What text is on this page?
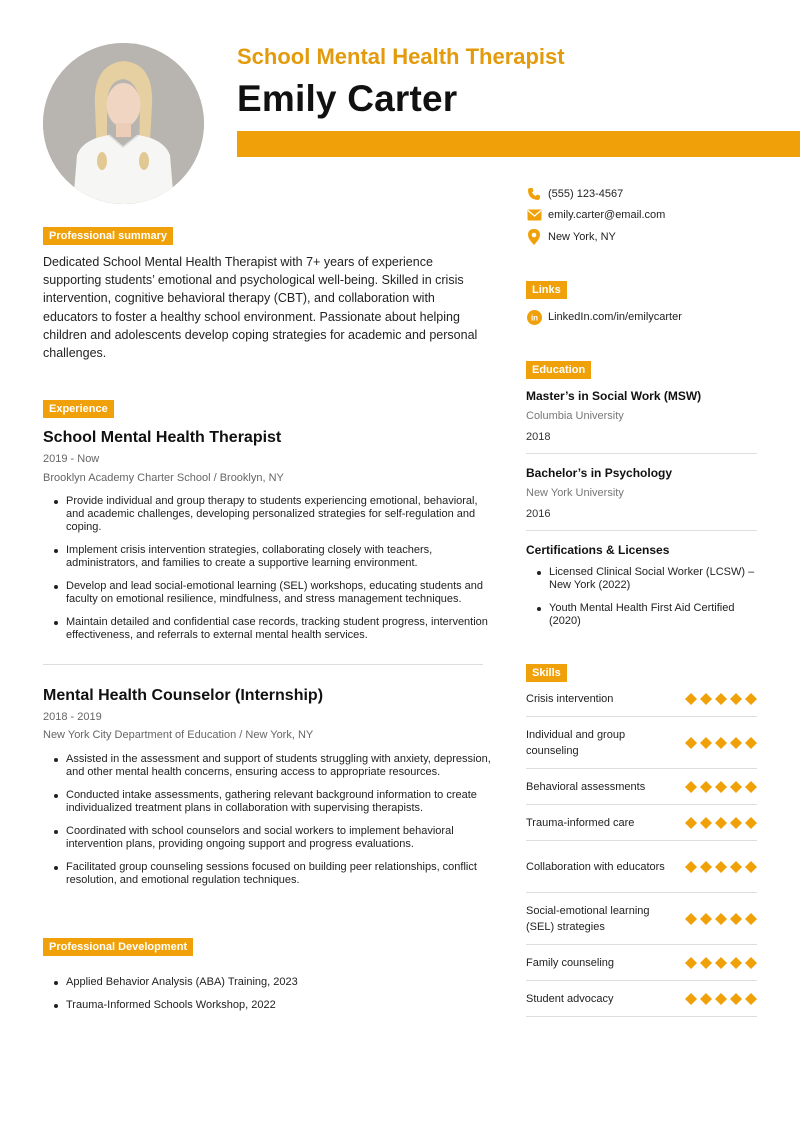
School Mental Health Therapist
Emily Carter
(555) 123-4567
emily.carter@email.com
New York, NY
Links
in LinkedIn.com/in/emilycarter
Education
Master’s in Social Work (MSW)
Columbia University
2018
Bachelor’s in Psychology
New York University
2016
Certifications & Licenses
Licensed Clinical Social Worker (LCSW) – New York (2022)
Youth Mental Health First Aid Certified (2020)
Skills
Crisis intervention
Individual and group counseling
Behavioral assessments
Trauma-informed care
Collaboration with educators
Social-emotional learning (SEL) strategies
Family counseling
Student advocacy
Professional summary
Dedicated School Mental Health Therapist with 7+ years of experience supporting students’ emotional and psychological well-being. Skilled in crisis intervention, cognitive behavioral therapy (CBT), and collaboration with educators to foster a healthy school environment. Passionate about helping children and adolescents develop coping strategies for academic and personal challenges.
Experience
School Mental Health Therapist
2019 - Now
Brooklyn Academy Charter School / Brooklyn, NY
Provide individual and group therapy to students experiencing emotional, behavioral, and academic challenges, developing personalized strategies for self-regulation and coping.
Implement crisis intervention strategies, collaborating closely with teachers, administrators, and families to create a supportive learning environment.
Develop and lead social-emotional learning (SEL) workshops, educating students and faculty on emotional resilience, mindfulness, and stress management techniques.
Maintain detailed and confidential case records, tracking student progress, intervention effectiveness, and referrals to external mental health services.
Mental Health Counselor (Internship)
2018 - 2019
New York City Department of Education / New York, NY
Assisted in the assessment and support of students struggling with anxiety, depression, and other mental health concerns, ensuring access to appropriate resources.
Conducted intake assessments, gathering relevant background information to create individualized treatment plans in collaboration with supervising therapists.
Coordinated with school counselors and social workers to implement behavioral intervention plans, providing ongoing support and progress evaluations.
Facilitated group counseling sessions focused on building peer relationships, conflict resolution, and emotional regulation techniques.
Professional Development
Applied Behavior Analysis (ABA) Training, 2023
Trauma-Informed Schools Workshop, 2022
